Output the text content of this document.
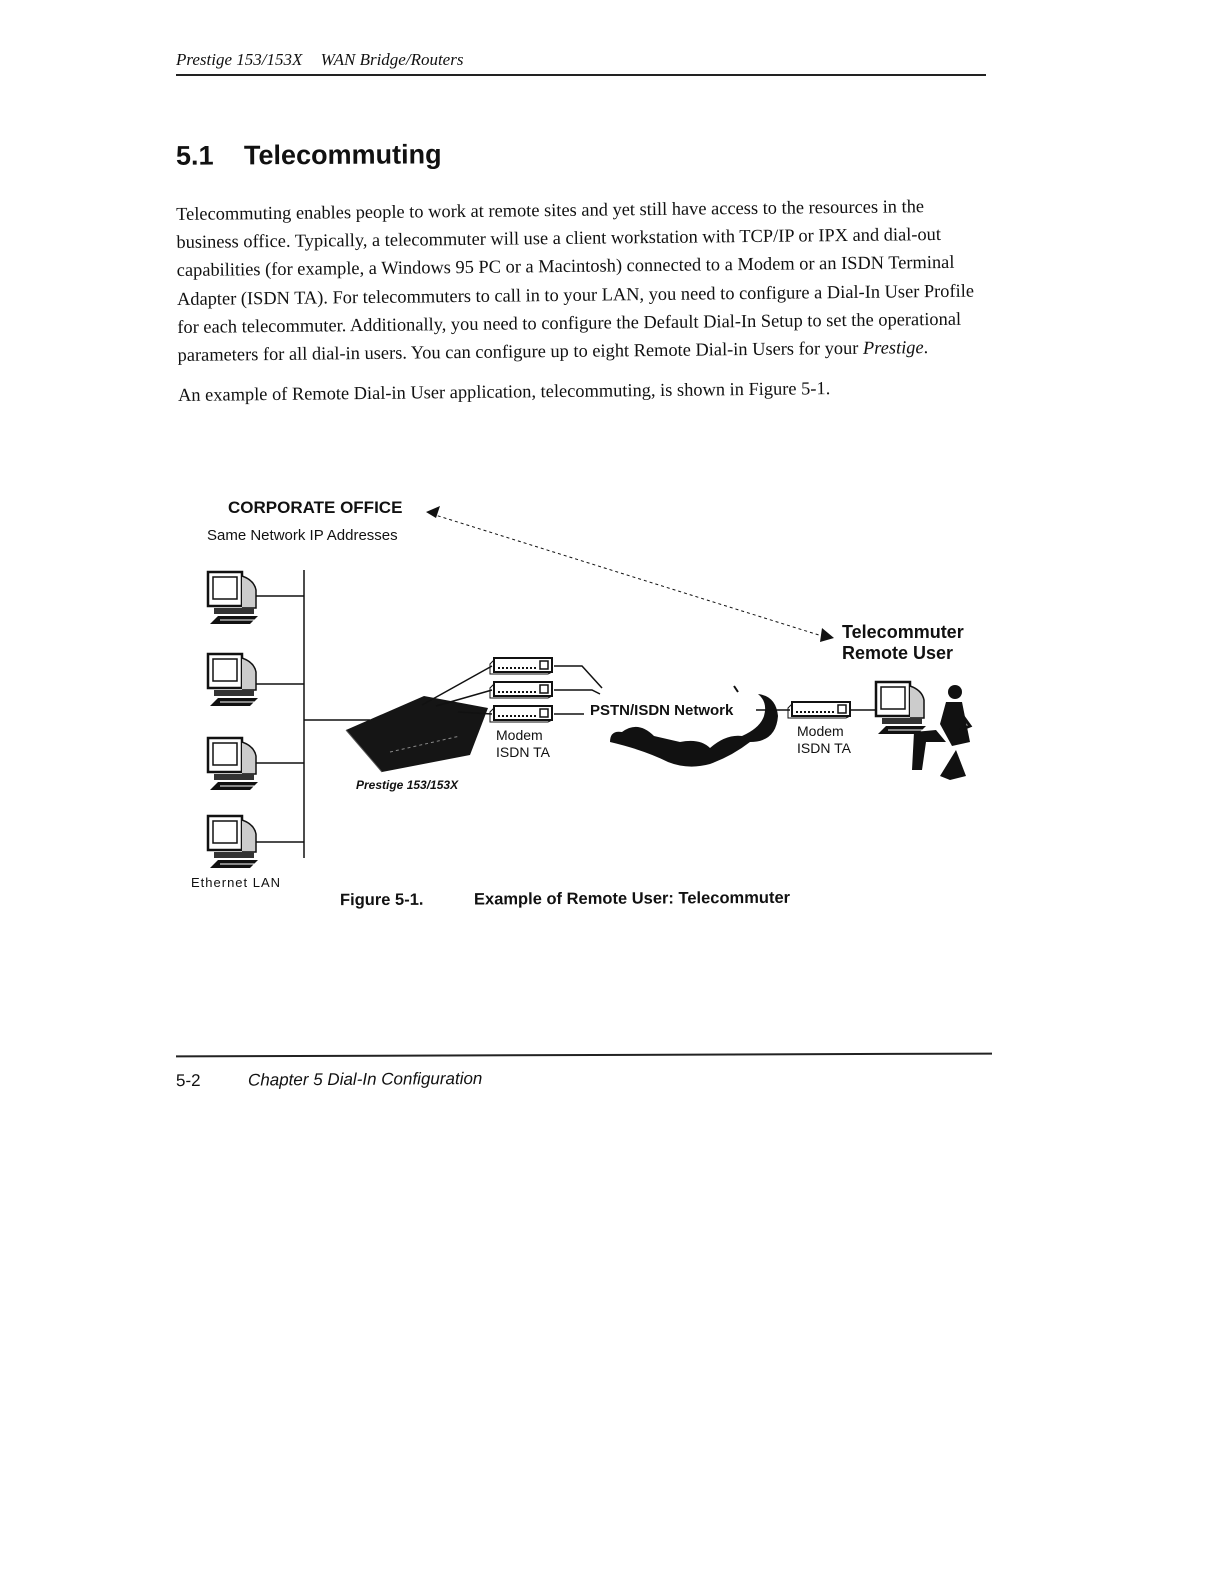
Prestige 153/153X WAN Bridge/Routers
5.1 Telecommuting

Telecommuting enables people to work at remote sites and yet still have access to the resources in the business office. Typically, a telecommuter will use a client workstation with TCP/IP or IPX and dial-out capabilities (for example, a Windows 95 PC or a Macintosh) connected to a Modem or an ISDN Terminal Adapter (ISDN TA). For telecommuters to call in to your LAN, you need to configure a Dial-In User Profile for each telecommuter. Additionally, you need to configure the Default Dial-In Setup to set the operational parameters for all dial-in users. You can configure up to eight Remote Dial-in Users for your Prestige.

An example of Remote Dial-in User application, telecommuting, is shown in Figure 5-1.

CORPORATE OFFICE
Same Network IP Addresses
Telecommuter
Remote User
PSTN/ISDN Network
Modem
ISDN TA
Modem
ISDN TA
Prestige 153/153X
Ethernet LAN
Figure 5-1.	Example of Remote User: Telecommuter
5-2	Chapter 5 Dial-In Configuration
